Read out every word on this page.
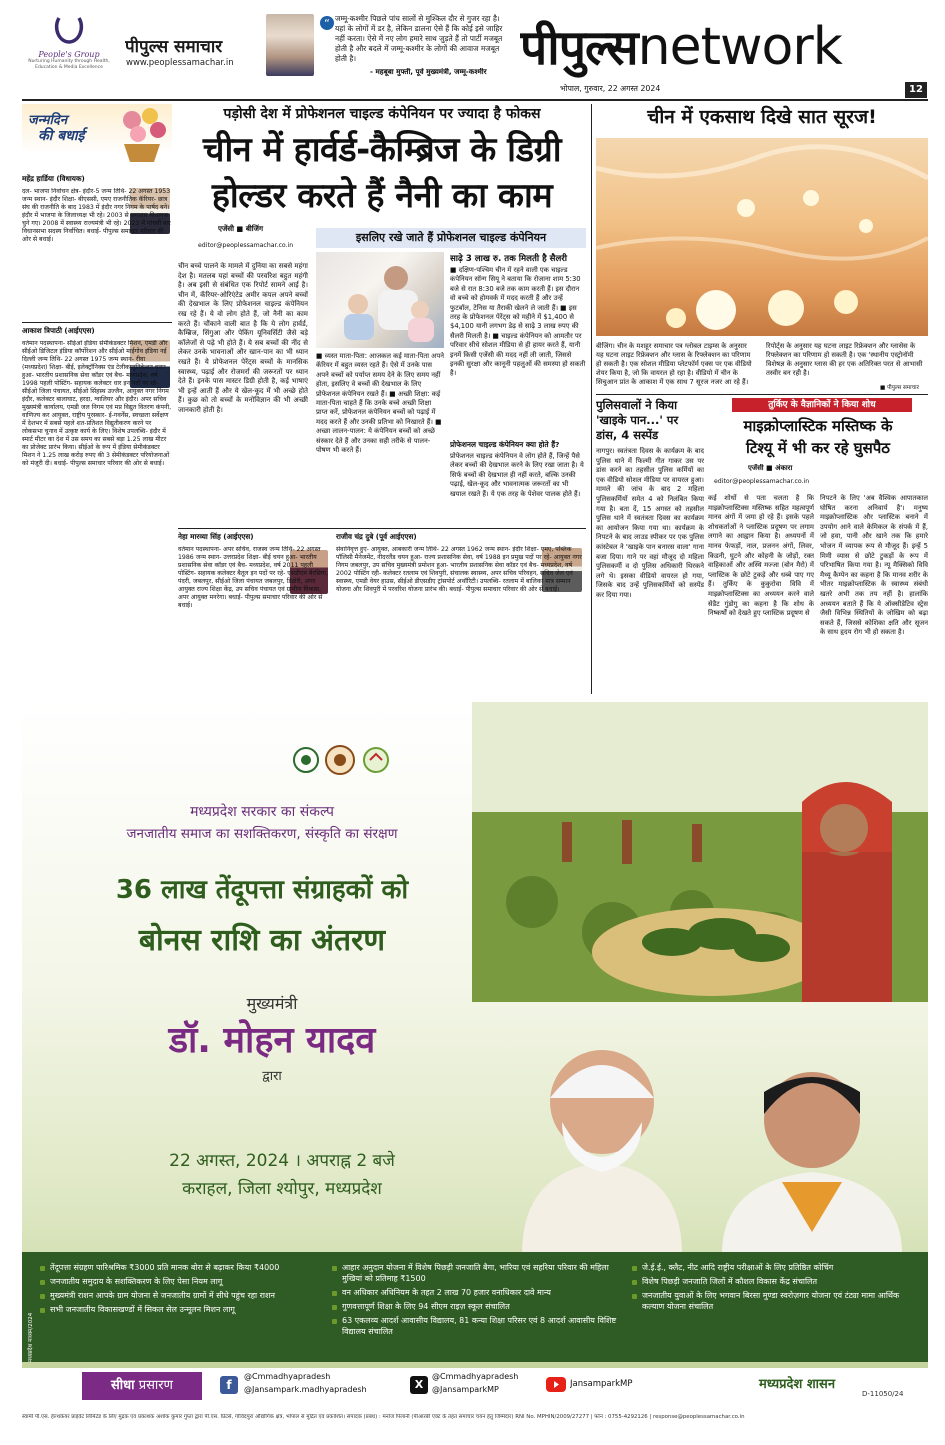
People's Group
Nurturing Humanity through Health, Education & Media Excellence
पीपुल्स समाचार
www.peoplessamachar.in
“ जम्मू-कश्मीर पिछले पांच सालों से मुश्किल दौर से गुजर रहा है। यहां के लोगों में डर है, लेकिन डालना ऐसे हैं कि कोई इसे जाहिर नहीं करता। ऐसे में नए लोग हमारे साथ जुड़ते हैं तो पार्टी मजबूत होती है और बदले में जम्मू-कश्मीर के लोगों की आवाज मजबूत होती है।
- महबूबा मुफ्ती, पूर्व मुख्यमंत्री, जम्मू-कश्मीर पीपुल्सnetwork
भोपाल, गुरुवार, 22 अगस्त 2024	12
जन्मदिन
की बधाई
महेंद्र हार्डिया (विधायक)
दल- भाजपा निर्वाचन क्षेत्र- इंदौर-5 जन्म तिथि- 22 अगस्त 1953 जन्म स्थान- इंदौर शिक्षा- बीएससी, एमए राजनीतिक कॅरियर- छात्र संघ की राजनीति के बाद 1983 में इंदौर नगर निगम के पार्षद बने। इंदौर में भाजपा के जिलाध्यक्ष भी रहे। 2003 से लगातार विधायक चुने गए। 2008 में स्वास्थ्य राज्यमंत्री भी रहे। 2023 में पांचवीं बार विधानसभा सदस्य निर्वाचित। बधाई- पीपुल्स समाचार परिवार की ओर से बधाई।
आकाश त्रिपाठी (आईएएस)
वर्तमान पदस्थापना- सीईओ इंडिया सेमीकंडक्टर मिशन, एमडी और सीईओ डिजिटल इंडिया कॉर्पोरेशन और सीईओ माईगोव इंडिया नई दिल्ली जन्म तिथि- 22 अगस्त 1975 जन्म स्थान- रीवा (मध्यप्रदेश) शिक्षा- बीई, इलेक्ट्रॉनिक्स एंड टेलीकम्युनिकेशन चयन हुआ- भारतीय प्रशासनिक सेवा कॉडर एवं बैच- मध्यप्रदेश, वर्ष 1998 पहली पोस्टिंग- सहायक कलेक्टर धार इन पदों पर रहे- सीईओ जिला पंचायत, सीईओ सिंहस्थ उज्जैन, आयुक्त नगर निगम इंदौर, कलेक्टर बालाघाट, हरदा, ग्वालियर और इंदौर। अपर सचिव मुख्यमंत्री कार्यालय, एमडी जल निगम एवं मप्र विद्युत वितरण कंपनी, वाणिज्य कर आयुक्त, राष्ट्रीय पुरस्कार- ई-गवर्नेंस, स्वच्छता सर्वेक्षण में देशभर में सबसे पहले शत-प्रतिशत विद्युतीकरण करने पर लोकसभा चुनाव में उत्कृष्ट कार्य के लिए। विशेष उपलब्धि- इंदौर में स्मार्ट मीटर का देश में उस समय का सबसे बड़ा 1.25 लाख मीटर का प्रोजेक्ट प्रारंभ किया। सीईओ के रूप में इंडिया सेमीकंडक्टर मिशन ने 1.25 लाख करोड़ रुपए की 3 सेमीकंडक्टर परियोजनाओं को मंजूरी दी। बधाई- पीपुल्स समाचार परिवार की ओर से बधाई।
पड़ोसी देश में प्रोफेशनल चाइल्ड कंपेनियन पर ज्यादा है फोकस
चीन में हार्वर्ड-कैम्ब्रिज के डिग्री
होल्डर करते हैं नैनी का काम
एजेंसी ■ बीजिंग
editor@peoplessamachar.co.in
चीन बच्चे पालने के मामले में दुनिया का सबसे महंगा देश है। मतलब यहां बच्चों की परवरिश बहुत महंगी है। अब इसी से संबंधित एक रिपोर्ट सामने आई है। चीन में, कॅरियर-ओरिएंटेड अमीर कपल अपने बच्चों की देखभाल के लिए प्रोफेशनल चाइल्ड कंपेनियन रख रहे हैं। ये वो लोग होते हैं, जो नैनी का काम करते हैं। चौंकाने वाली बात है कि ये लोग हार्वर्ड, कैम्ब्रिज, सिंगुआ और पेकिंग यूनिवर्सिटी जैसे बड़े कॉलेजों से पढ़े भी होते हैं। ये सब बच्चों की नींद से लेकर उनके भावनाओं और खान-पान का भी ध्यान रखते हैं। ये प्रोफेशनल पेरेंट्स बच्चों के मानसिक स्वास्थ्य, पढ़ाई और रोजमर्रा की जरूरतों पर ध्यान देते हैं। इनके पास मास्टर डिग्री होती है, कई भाषाएं भी इन्हें आती हैं और ये खेल-कूद में भी अच्छे होते हैं। कुछ को तो बच्चों के मनोविज्ञान की भी अच्छी जानकारी होती है।
इसलिए रखे जाते हैं प्रोफेशनल चाइल्ड कंपेनियन
■ व्यस्त माता-पिता: आजकल कई माता-पिता अपने कॅरियर में बहुत व्यस्त रहते हैं। ऐसे में उनके पास अपने बच्चों को पर्याप्त समय देने के लिए समय नहीं होता, इसलिए वे बच्चों की देखभाल के लिए प्रोफेशनल कंपेनियन रखते हैं। ■ अच्छी शिक्षा: कई माता-पिता चाहते हैं कि उनके बच्चे अच्छी शिक्षा प्राप्त करें, प्रोफेशनल कंपेनियन बच्चों को पढ़ाई में मदद करते हैं और उनकी प्रतिभा को निखारते हैं। ■ अच्छा लालन-पालन: ये कंपेनियन बच्चों को अच्छे संस्कार देते हैं और उनका सही तरीके से पालन-पोषण भी करते हैं।
साढ़े 3 लाख रु. तक मिलती है सैलरी
■ दक्षिण-पश्चिम चीन में रहने वाली एक चाइल्ड कंपेनियन सॉन्ग सियू ने बताया कि रोजाना शाम 5:30 बजे से रात 8:30 बजे तक काम करती हैं। इस दौरान वो बच्चे को होमवर्क में मदद करती हैं और उन्हें फुटबॉल, टेनिस या तैराकी खेलने ले जाती हैं। ■ इस तरह के प्रोफेशनल पेरेंट्स को महीने में $1,400 से $4,100 यानी लगभग डेढ़ से साढ़े 3 लाख रुपए की सैलरी मिलती है। ■ चाइल्ड कंपेनियन को आमतौर पर परिवार सीधे सोशल मीडिया से ही हायर करते हैं, यानी इनमें किसी एजेंसी की मदद नहीं ली जाती, जिससे इनकी सुरक्षा और कानूनी पहलुओं की समस्या हो सकती है।
प्रोफेशनल चाइल्ड कंपेनियन क्या होते हैं?
प्रोफेशनल चाइल्ड कंपेनियन वे लोग होते हैं, जिन्हें पैसे लेकर बच्चों की देखभाल करने के लिए रखा जाता है। ये सिर्फ बच्चों की देखभाल ही नहीं करते, बल्कि उनकी पढ़ाई, खेल-कूद और भावनात्मक जरूरतों का भी खयाल रखते हैं। ये एक तरह के पेशेवर पालक होते हैं।
नेहा मारव्या सिंह (आईएएस)
वर्तमान पदस्थापना- अपर सचिव, राजस्व जन्म तिथि- 22 अगस्त 1986 जन्म स्थान- उत्तरप्रदेश शिक्षा- बीई चयन हुआ- भारतीय प्रशासनिक सेवा कॉडर एवं बैच- मध्यप्रदेश, वर्ष 2011 पहली पोस्टिंग- सहायक कलेक्टर बैतूल इन पदों पर रहे- एसडीएम बैरसिया, पंदरी, जबलपुर, सीईओ जिला पंचायत जबलपुर, डिंडोरी, अपर आयुक्त राज्य शिक्षा केंद्र, उप सचिव पंचायत एवं ग्रामीण विकास, अपर आयुक्त मनरेगा। बधाई- पीपुल्स समाचार परिवार की ओर से बधाई।
राजीव चंद्र दुबे (पूर्व आईएएस)
सेवानिवृत्त हुए- आयुक्त, आबकारी जन्म तिथि- 22 अगस्त 1962 जन्म स्थान- इंदौर शिक्षा- एमए, पब्लिक पॉलिसी मैनेजमेंट, नीदरलैंड चयन हुआ- राज्य प्रशासनिक सेवा, वर्ष 1988 इन प्रमुख पदों पर रहे- आयुक्त नगर निगम जबलपुर, उप सचिव मुख्यमंत्री प्रमोशन हुआ- भारतीय प्रशासनिक सेवा कॉडर एवं बैच- मध्यप्रदेश, वर्ष 2002 पोस्टिंग रही- कलेक्टर रतलाम एवं शिवपुरी, संचालक स्वास्थ्य, अपर सचिव परिवहन, सचिव जेल एवं स्वास्थ्य, एमडी वेयर हाउस, सीईओ डीएसडीए ट्रांसपोर्ट अथॉरिटी। उपलब्धि- रतलाम में बालिका मात्र सम्मान योजना और शिवपुरी में परवरिश योजना प्रारंभ की। बधाई- पीपुल्स समाचार परिवार की ओर से बधाई।
चीन में एकसाथ दिखे सात सूरज!
बीजिंग। चीन के मशहूर समाचार पत्र ग्लोबल टाइम्स के अनुसार यह घटना लाइट रिफ्रेक्शन और ग्लास के रिफ्लेक्शन का परिणाम हो सकती है। एक सोशल मीडिया प्लेटफॉर्म एक्स पर एक वीडियो शेयर किया है, जो कि वायरल हो रहा है। वीडियो में चीन के सिचुआन प्रांत के आकाश में एक साथ 7 सूरज नजर आ रहे हैं।
रिपोर्ट्स के अनुसार यह घटना लाइट रिफ्रेक्शन और ग्लासेस के रिफ्लेक्शन का परिणाम हो सकती है। एक 'स्थानीय एस्ट्रोनॉमी विशेषज्ञ के अनुसार ग्लास की हर एक अतिरिक्त परत से आभासी तस्वीर बन रही है।
■ पीपुल्स समाचार
पुलिसवालों ने किया
'खाइके पान...' पर
डांस, 4 सस्पेंड
नागपुर। स्वतंत्रता दिवस के कार्यक्रम के बाद पुलिस थाने में फिल्मी गीत गाकर उस पर डांस करने का तहसील पुलिस कर्मियों का एक वीडियो सोशल मीडिया पर वायरल हुआ। मामले की जांच के बाद 2 महिला पुलिसकर्मियों समेत 4 को निलंबित किया गया है। बता दें, 15 अगस्त को तहसील पुलिस थाने में स्वतंत्रता दिवस का कार्यक्रम का आयोजन किया गया था। कार्यक्रम के निपटने के बाद लाउड स्पीकर पर एक पुलिस कांस्टेबल ने 'खाइके पान बनारस वाला' गाना बजा दिया। गाने पर वहां मौजूद दो महिला पुलिसकर्मी व दो पुलिस अधिकारी थिरकने लगे थे। इसका वीडियो वायरल हो गया, जिसके बाद उन्हें पुलिसकर्मियों को सस्पेंड कर दिया गया।
तुर्किए के वैज्ञानिकों ने किया शोध
माइक्रोप्लास्टिक मस्तिष्क के
टिश्यू में भी कर रहे घुसपैठ
एजेंसी ■ अंकारा
editor@peoplessamachar.co.in
कई शोधों से पता चलता है कि माइक्रोप्लास्टिक्स मस्तिष्क सहित महत्वपूर्ण मानव अंगों में जमा हो रहे हैं। इसके पहले शोधकर्ताओं ने प्लास्टिक प्रदूषण पर लगाम लगाने का आह्वान किया है। अध्ययनों में मानव फेफड़ों, नाल, प्रजनन अंगों, लिवर, किडनी, घुटने और कोहनी के जोड़ों, रक्त वाहिकाओं और अस्थि मज्जा (बोन मैरो) में प्लास्टिक के छोटे टुकड़े और धब्बे पाए गए हैं। तुर्किए के कुकुरोवा विवि में माइक्रोप्लास्टिक्स का अध्ययन करने वाले सेडैट गुंडोगु का कहना है कि शोध के निष्कर्षों को देखते हुए प्लास्टिक प्रदूषण से
निपटने के लिए 'अब वैश्विक आपातकाल घोषित करना अनिवार्य है'। मनुष्य माइक्रोप्लास्टिक और प्लास्टिक बनाने में उपयोग आने वाले केमिकल के संपर्क में हैं, जो हवा, पानी और खाने तक कि हमारे भोजन में व्यापक रूप से मौजूद हैं। इन्हें 5 मिमी व्यास से छोटे टुकड़ों के रूप में परिभाषित किया गया है। न्यू मैक्सिको विवि मैथ्यू कैम्पेन का कहना है कि मानव शरीर के भीतर माइक्रोप्लास्टिक के स्वास्थ्य संबंधी खतरे अभी तक तय नहीं है। हालांकि अध्ययन बताते हैं कि ये ऑक्सीडेटिव स्ट्रेस जैसी विभिन्न स्थितियों के जोखिम को बढ़ा सकते हैं, जिससे कोशिका क्षति और सूजन के साथ हृदय रोग भी हो सकता है।
मध्यप्रदेश सरकार का संकल्प
जनजातीय समाज का सशक्तिकरण, संस्कृति का संरक्षण
36 लाख तेंदूपत्ता संग्राहकों को
बोनस राशि का अंतरण
मुख्यमंत्री
डॉ. मोहन यादव
द्वारा
22 अगस्त, 2024 । अपराह्न 2 बजे
कराहल, जिला श्योपुर, मध्यप्रदेश
तेंदूपत्ता संग्रहण पारिश्रमिक ₹3000 प्रति मानक बोरा से बढ़ाकर किया ₹4000
जनजातीय समुदाय के सशक्तिकरण के लिए पेसा नियम लागू
मुख्यमंत्री राशन आपके ग्राम योजना से जनजातीय ग्रामों में सीधे पहुंच रहा राशन
सभी जनजातीय विकासखण्डों में सिकल सेल उन्मूलन मिशन लागू
आहार अनुदान योजना में विशेष पिछड़ी जनजाति बैगा, भारिया एवं सहरिया परिवार की महिला मुखियां को प्रतिमाह ₹1500
वन अधिकार अधिनियम के तहत 2 लाख 70 हजार वनाधिकार दावे मान्य
गुणवत्तापूर्ण शिक्षा के लिए 94 सीएम राइज़ स्कूल संचालित
63 एकलव्य आदर्श आवासीय विद्यालय, 81 कन्या शिक्षा परिसर एवं 8 आदर्श आवासीय विशिष्ट विद्यालय संचालित
जे.ई.ई., क्लैट, नीट आदि राष्ट्रीय परीक्षाओं के लिए प्रतिष्ठित कोचिंग
विशेष पिछड़ी जनजाति जिलों में कौशल विकास केंद्र संचालित
जनजातीय युवाओं के लिए भगवान बिरसा मुण्डा स्वरोज़गार योजना एवं टंट्या मामा आर्थिक कल्याण योजना संचालित
सीधा प्रसारण	f
@Cmmadhyapradesh
@Jansampark.madhyapradesh	X
@Cmmadhyapradesh
@JansamparkMP
JansamparkMP	मध्यप्रदेश शासन
D-11050/24
मध्यप्रदेश माध्यम/2024
स्वामी पी.एस. हेल्थकेयर प्राइवेट लिमिटेड के लिए मुद्रक एवं प्रकाशक अशोक कुमार गुप्ता द्वारा पी.एस. प्रिंटर्स, गोविंदपुरा औद्योगिक क्षेत्र, भोपाल से मुद्रित एवं प्रकाशित। संपादक (प्रबंध) : मनोज पिलानी (पीआरबी एक्ट के तहत समाचार चयन हेतु जिम्मेदार) RNI No. MPHIN/2009/27277 | फोन : 0755-4292126 | response@peoplessamachar.co.in
